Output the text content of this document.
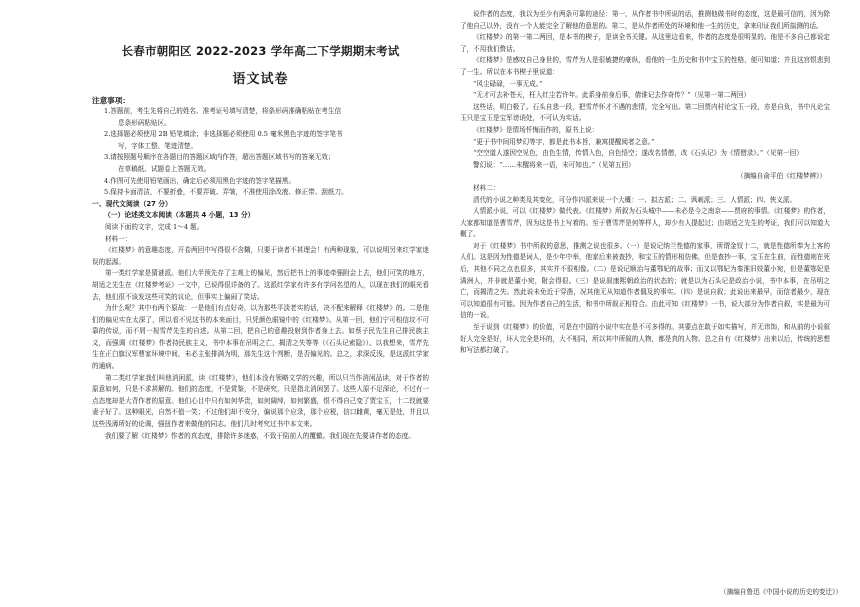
长春市朝阳区 2022-2023 学年高二下学期期末考试
语文试卷
注意事项：

1.答题前，考生先将自己的姓名、准考证号填写清楚，将条形码准确粘贴在考生信
息条形码粘贴区。

2.选择题必须使用 2B 铅笔填涂；非选择题必须使用 0.5 毫米黑色字迹的签字笔书
写，字体工整、笔迹清楚。

3.请按照题号顺序在各题目的答题区域内作答，超出答题区域书写的答案无效；
在草稿纸、试题卷上答题无效。

4.作图可先使用铅笔画出，确定后必须用黑色字迹的签字笔描黑。

5.保持卡面清洁，不要折叠，不要弄破、弄皱，不准使用涂改液、修正带、刮纸刀。

一、现代文阅读（27 分）

（一）论述类文本阅读（本题共 4 小题，13 分）

阅读下面的文字，完成 1～4 题。

材料一：

《红楼梦》的意趣态度，开卷两回中写得很不含糊，只要于读者不甚理会！有两种现象，可以说明另来红学家迷误的起源。

第一类红学家是猜谜派。他们大半预先存了主观上的偏见，然后把书上的事迹牵强附会上去，他们可笑的地方，胡适之先生在《红楼梦考证》一文中，已说得很详备的了。这派红学家有许多有学问名望的人，以现在我们的眼光看去，他们很不该发这些可笑的议论，但事实上偏闹了笑话。

为什么呢？其中有两个原故：一是他们有点好奇，以为那些平淡老实的话，决不配来解释《红楼梦》的。二是他们的偏见实在太深了，所以看不见这书的本来面目，只凭颜色眼镜中的《红楼梦》。从第一回，他们宁可相信坟不可靠的传说，而不屑一视雪芹先生的自述。从第二回，把自己的意趣投射到作者身上去。如蔡子民先生自己排民族主义，而强调《红楼梦》作者持民族主义，书中本事在吊明之亡，揭清之失等等（《石头记索隐》）。以我想来，雪芹先生在正白旗汉军曹家环境中间，未必主张排满为明，那先生这个判断，是否偏见的。总之，求深反浅，是这派红学家的通病。

第二类红学家我们叫他消闲派，读《红楼梦》，他们本没有领略文学的兴趣，所以只当作消闲品读，对于作者的原意如何，只是不求甚解的。他们的态度，不是赏鉴，不是研究，只是指北消闲罢了。这些人原不足深论，不过有一点态度却是大背作者的原意。他们心目中只有如何华贵，如何阔绰，如何繁盛，恨不得自己变了贾宝玉，十二钗就要妻子好了。这种眼光，自然不值一笑；不过他们却不安分，偏说那个应录，那个应税，信口雌黄，毫无是处，并且以这些浅薄所好的论调，强扭作者来做他的同志。他们几时考究过书中本文来。

我们要了解《红楼梦》作者的真态度，排除许多迷惑，不致于陷前人的覆辙。我们现在先要讲作者的态度。

说作者的态度，我以为至少有两条可靠的途径：第一，从作者书中所说的话，推测他做书时的态度，这是最可信的，因为除了他自己以外，没有一个人能完全了解他的意思的。第二，是从作者所处的环境和他一生的历史，拿来印证我们所揣测的话。

《红楼梦》的第一第二两回，是本书的楔子，是读全书关键。从这里边看来，作者的态度是很明显的。他是不多自己都说定了，不用我们赘话。

《红楼梦》是感叹自己身世的，雪芹为人是很敏捷的豪纵，看他的一生历史和书中宝玉的性格，便可知道；并且这宫恨悲到了一生。所以在本书楔子里说道：

“风尘碌碌，一事无成。”

“无才可去补苍天，枉入红尘若许年。此系身前身后事，倩谁记去作奇传？”（见第一第二两回）

这些话，明白极了。石头自悲一段，把雪芹怀才不遇的悲情，完全写出。第二回贾内村论宝玉一段，亦是自负，书中凡论宝玉只是宝玉是宝军谤诮处，不可认为实话。

《红楼梦》是情场忏悔而作的，原书上说：

“更于书中间用梦幻等字，都是此书本旨，兼寓提醒阅者之意。”

“空空道人遂因空见色，由色生情，传情入色，自色悟空；遂改名情僧，改《石头记》为《情僧录》。”（见第一回）

警幻说：“……未醒将来一语，未可知也。”（见第五回）

（摘编自俞平伯《红楼梦辨》）

材料二：

清代的小说之种类及其变化，可分作四派来说一个大概：一、拟古派；二、讽刺派；三、人情派；四、侠义派。

人情派小说，可以《红楼梦》做代表。《红楼梦》所叙为石头城中——未必是今之南京——贾府的事情。《红楼梦》的作者，大家都知道是曹雪芹，因为这是书上写着的。至于曹雪芹是何等样人，却少有人提起过；由胡适之先生的考证，我们可以知道大概了。

对于《红楼梦》书中所叙的意思，推测之说也很多。（一）是说记纳兰性德的家事，所谓金钗十二，就是性德所奉为上客的人们。这是因为性德是词人，是少年中举，他家后来被查抄，和宝玉的情形相仿佛，但是查抄一事，宝玉在生前，而性德则在死后，其他不同之点也很多，其实并不很相像。（二）是说记顺治与董鄂妃的故事；而又以鄂妃为秦淮旧妓董小宛，但是董鄂妃是满洲人，并非就是董小宛，附会得很。（三）是说叙康熙朝政治的状态的；就是以为石头记是政治小说，书中本事，在吊明之亡，而揭清之失。然此说未免近于穿凿，况其他无从知道作者偶及的事实。（四）是说自叙；此说出来最早，而信者最少，现在可以知道很有可能。因为作者自己的生活，和书中所叙正相符合。由此可知《红楼梦》一书，说大部分为作者自叙，实是最为可信的一说。

至于说到《红楼梦》的价值，可是在中国的小说中实在是不可多得的。其要点在敢于如实描写，并无讳饰，和从前的小说叙好人完全是好，坏人完全是坏的，大不相同，所以其中所叙的人物，都是真的人物。总之自有《红楼梦》出来以后，传统的思想和写法都打破了。

（摘编自鲁迅《中国小说的历史的变迁》）
